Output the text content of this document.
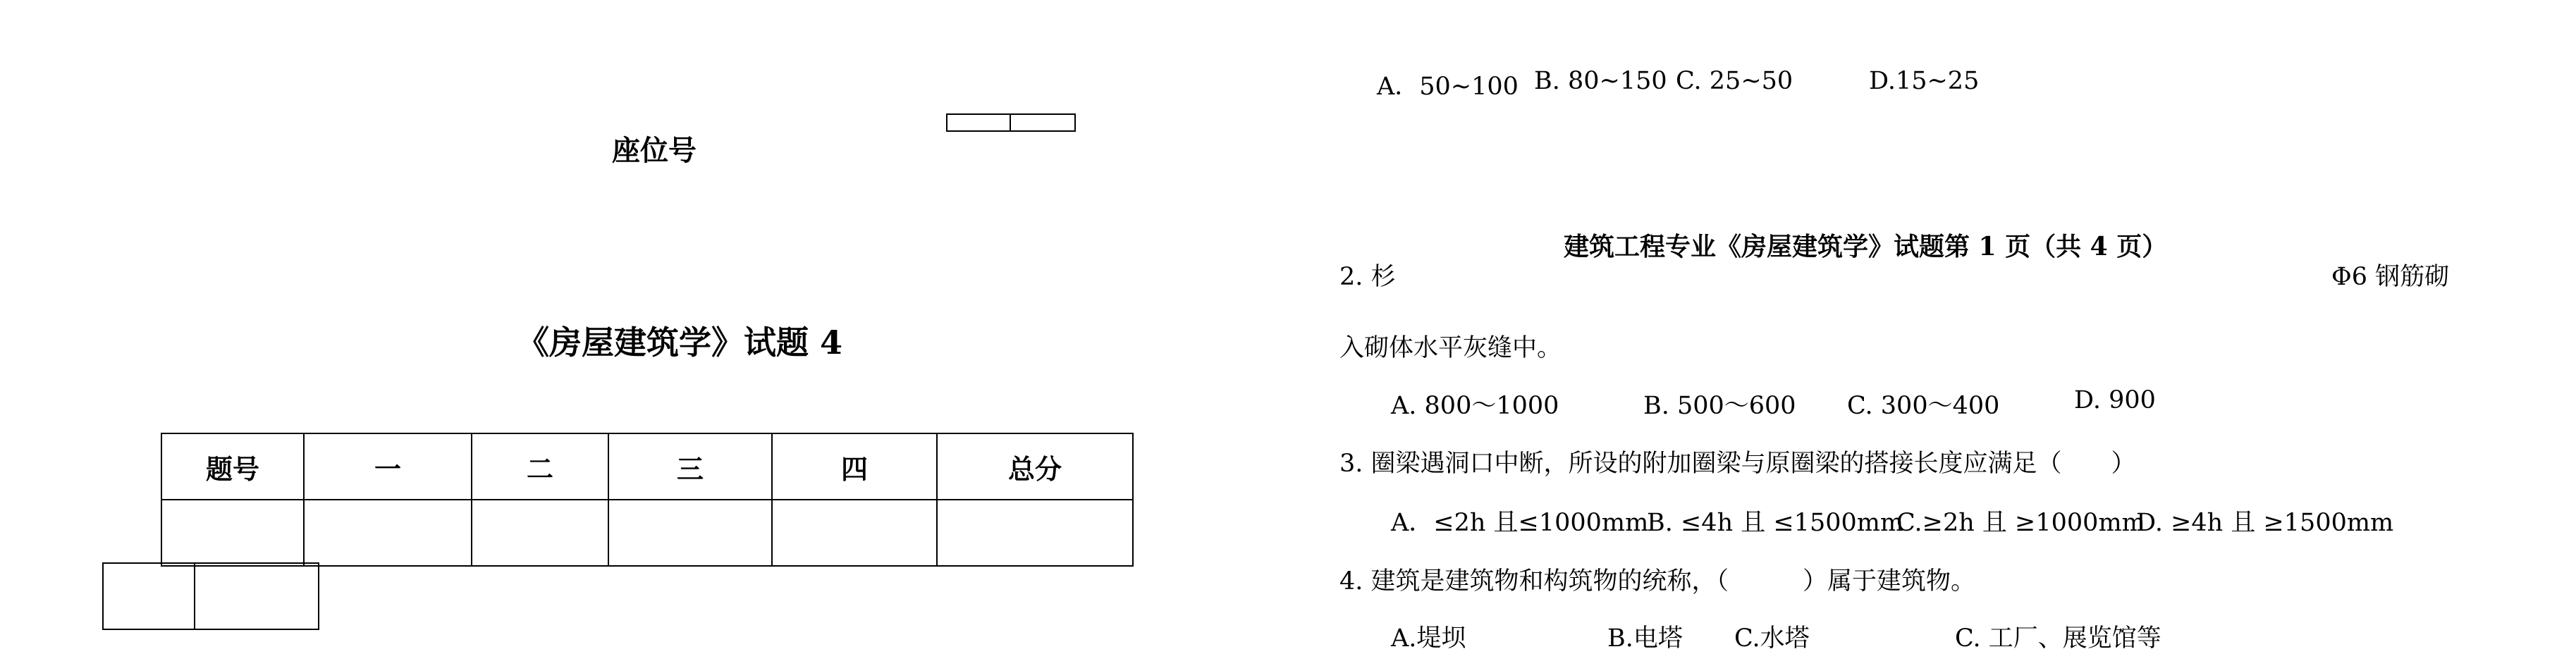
座位号
《房屋建筑学》试题 4
题号	一	二	三	四	总分

A．50~100 B. 80~150 C. 25~50	D.15~25
建筑工程专业《房屋建筑学》试题第 1 页（共 4 页）
2. 杉	Φ6 钢筋砌
入砌体水平灰缝中。
A. 800～1000	B. 500～600 C. 300～400	D. 900
3. 圈梁遇洞口中断，所设的附加圈梁与原圈梁的搭接长度应满足（　　）
A．≤2h 且≤1000mm
B. ≤4h 且 ≤1500mm
C.≥2h 且 ≥1000mm
D. ≥4h 且 ≥1500mm
4. 建筑是建筑物和构筑物的统称，（　　　）属于建筑物。
A.堤坝	B.电塔 C.水塔	C. 工厂、展览馆等
